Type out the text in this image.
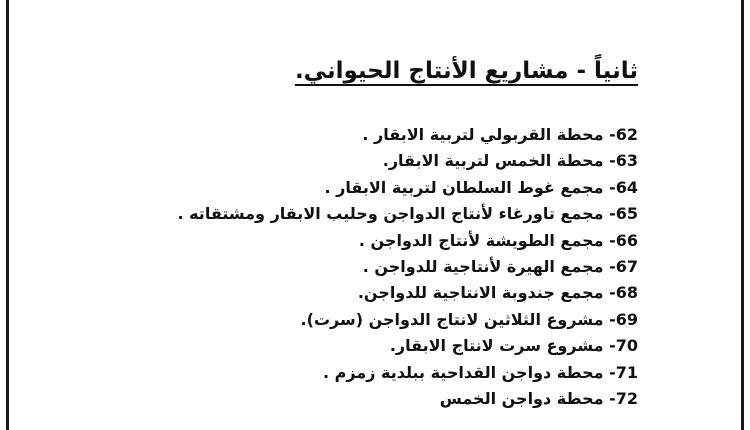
ثانياً - مشاريع الأنتاج الحيواني.
-62 محطة القربولي لتربية الابقار .
-63 محطة الخمس لتربية الابقار.
-64 مجمع غوط السلطان لتربية الابقار .
-65 مجمع تاورغاء لأنتاج الدواجن وحليب الابقار ومشتقاته .
-66 مجمع الطويشة لأنتاج الدواجن .
-67 مجمع الهيرة لأنتاجية للدواجن .
-68 مجمع جندوبة الانتاجية للدواجن.
-69 مشروع الثلاثين لانتاج الدواجن (سرت).
-70 مشروع سرت لانتاج الابقار.
-71 محطة دواجن القداحية ببلدية زمزم .
-72 محطة دواجن الخمس
